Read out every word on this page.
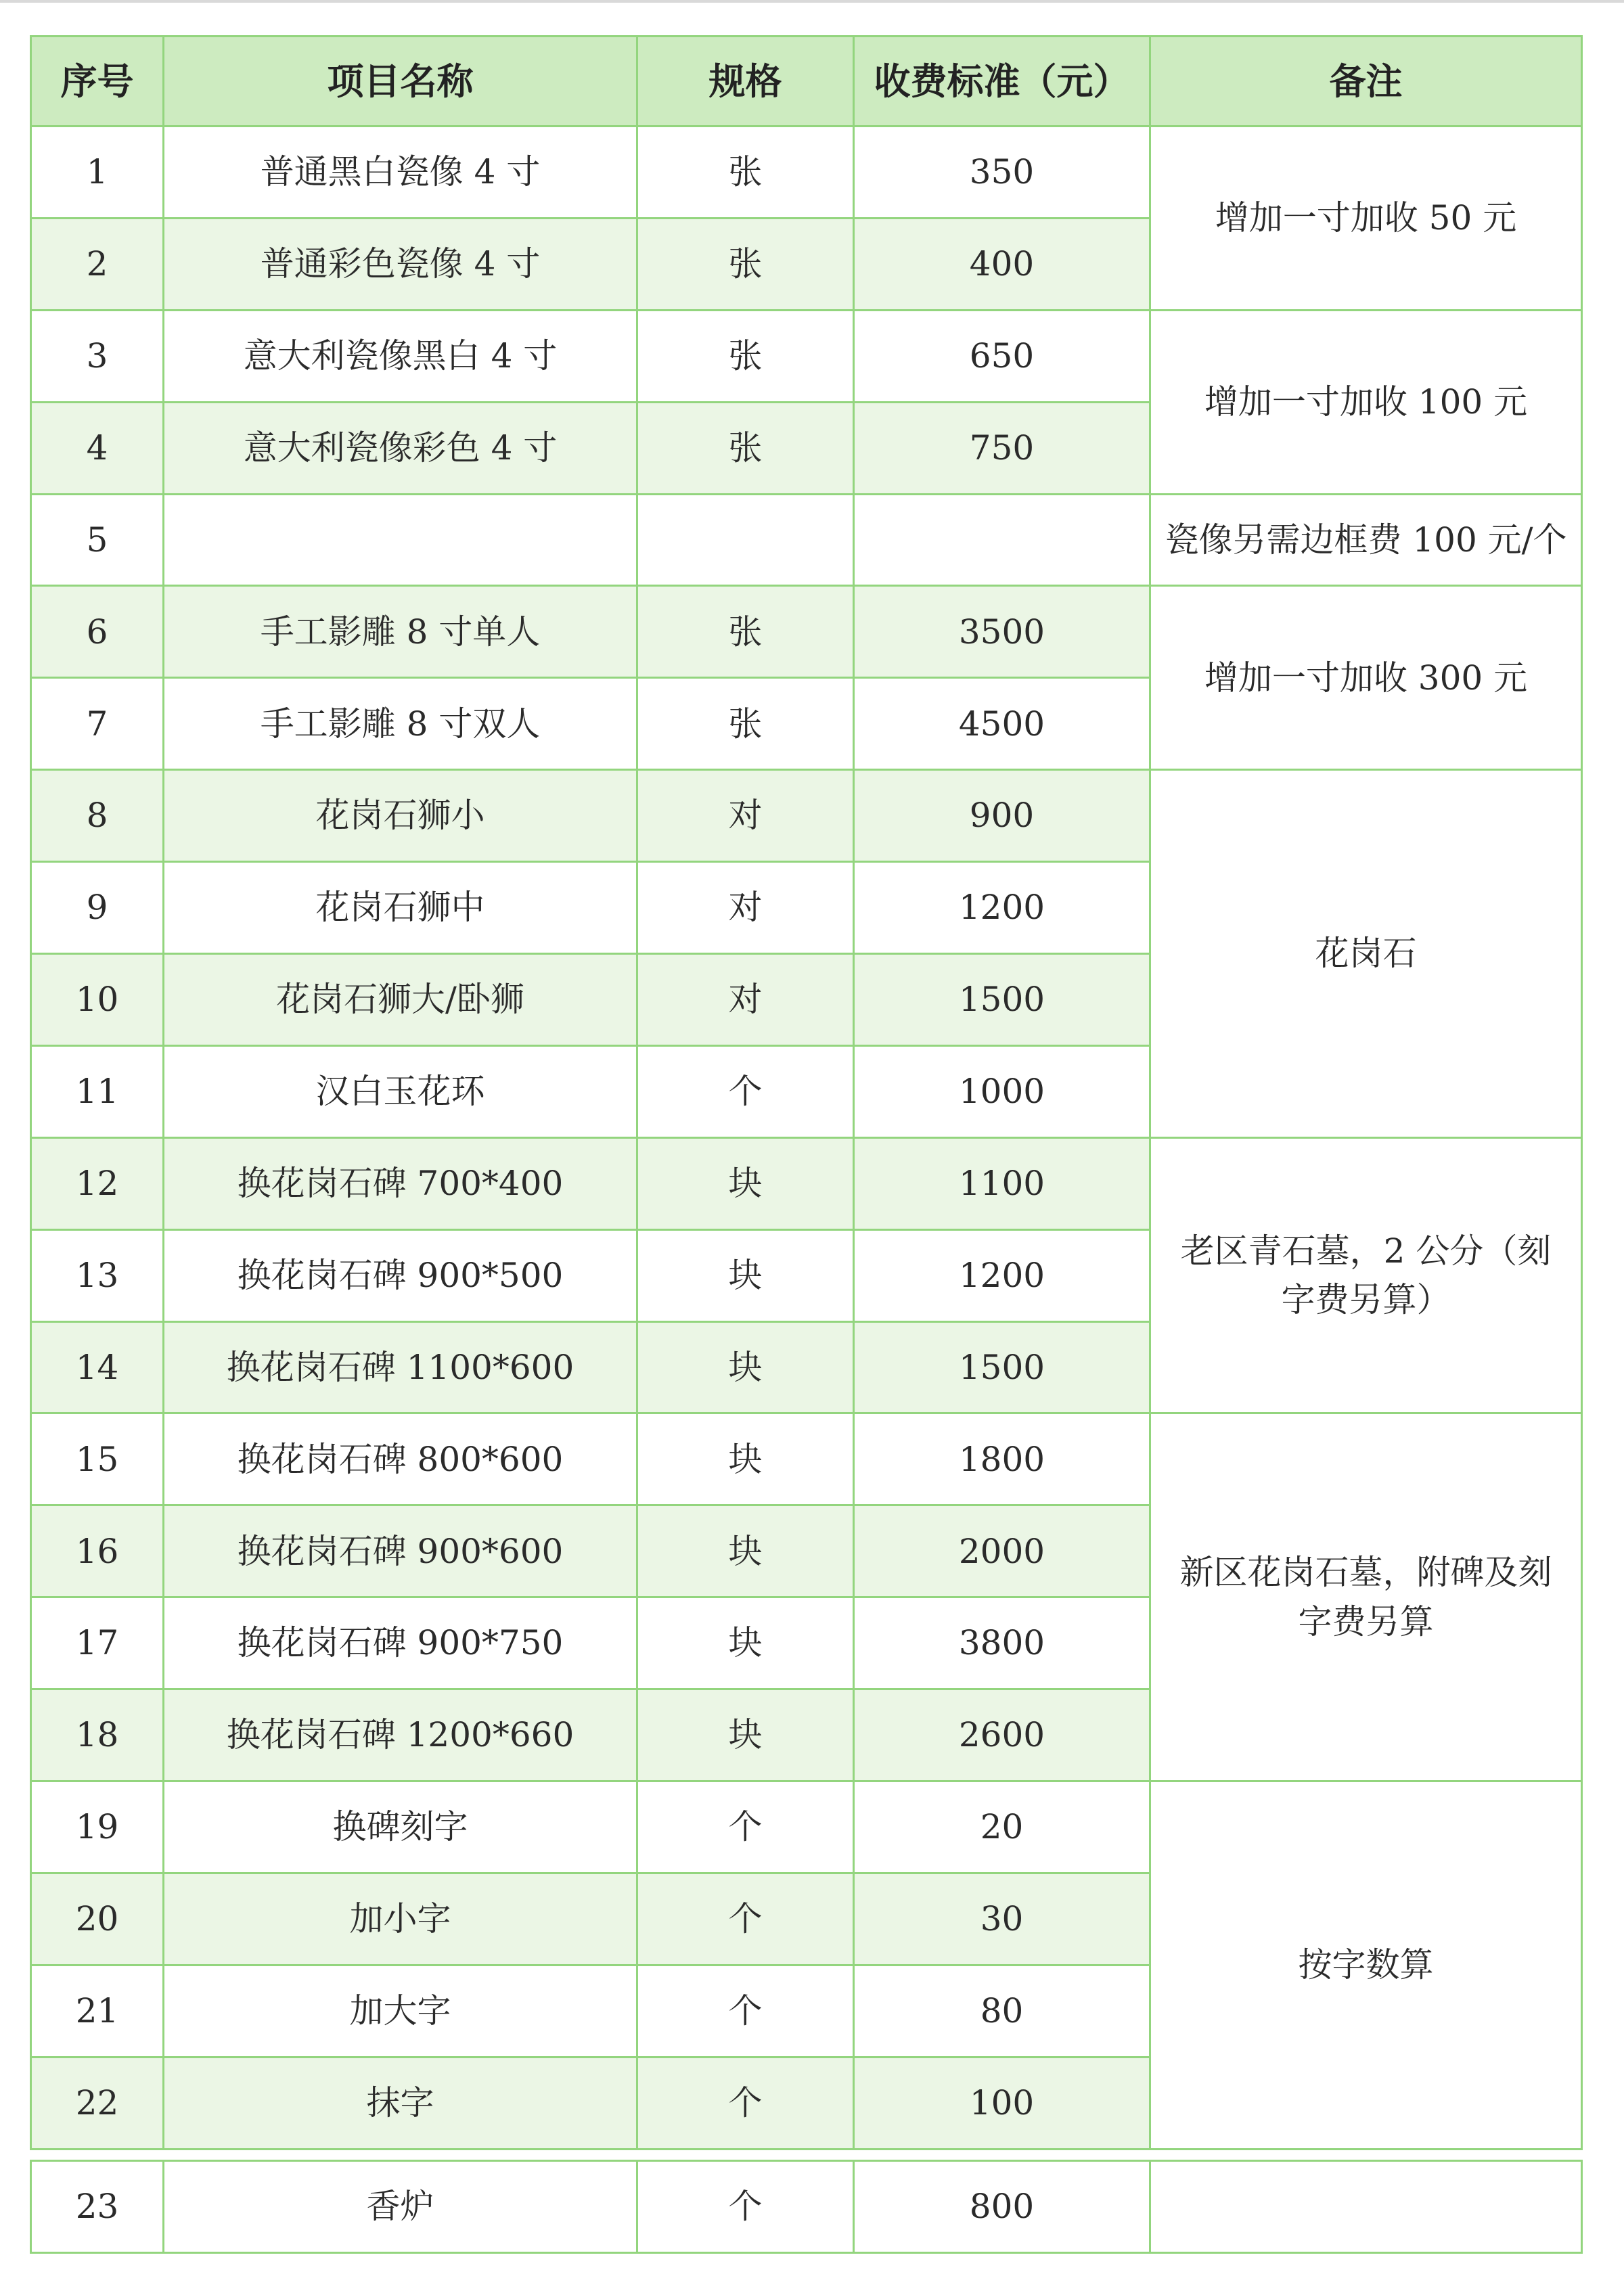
序号	项目名称	规格	收费标准（元）	备注
1	普通黑白瓷像 4 寸	张	350	增加一寸加收 50 元
2	普通彩色瓷像 4 寸	张	400	
3	意大利瓷像黑白 4 寸	张	650	增加一寸加收 100 元
4	意大利瓷像彩色 4 寸	张	750	
5				瓷像另需边框费 100 元/个
6	手工影雕 8 寸单人	张	3500	增加一寸加收 300 元
7	手工影雕 8 寸双人	张	4500	
8	花岗石狮小	对	900	花岗石
9	花岗石狮中	对	1200	
10	花岗石狮大/卧狮	对	1500	
11	汉白玉花环	个	1000	
12	换花岗石碑 700*400	块	1100	老区青石墓，2 公分（刻字费另算）
13	换花岗石碑 900*500	块	1200	
14	换花岗石碑 1100*600	块	1500	
15	换花岗石碑 800*600	块	1800	新区花岗石墓，附碑及刻字费另算
16	换花岗石碑 900*600	块	2000	
17	换花岗石碑 900*750	块	3800	
18	换花岗石碑 1200*660	块	2600	
19	换碑刻字	个	20	按字数算
20	加小字	个	30	
21	加大字	个	80	
22	抹字	个	100	
23	香炉	个	800	
